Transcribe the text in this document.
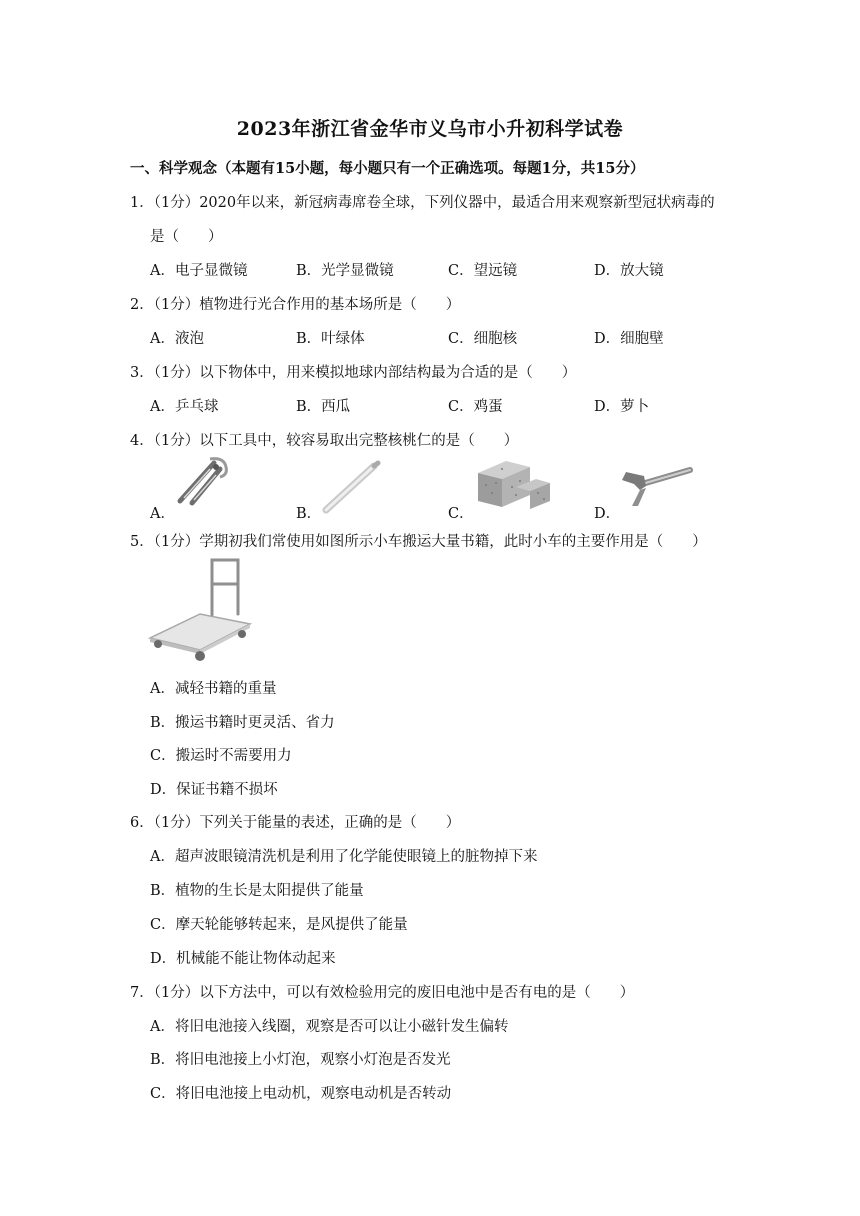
2023年浙江省金华市义乌市小升初科学试卷
一、科学观念（本题有15小题，每小题只有一个正确选项。每题1分，共15分）
1．（1分）2020年以来，新冠病毒席卷全球，下列仪器中，最适合用来观察新型冠状病毒的
是（　　）
A．电子显微镜	B．光学显微镜	C．望远镜	D．放大镜
2．（1分）植物进行光合作用的基本场所是（　　）
A．液泡	B．叶绿体	C．细胞核	D．细胞壁
3．（1分）以下物体中，用来模拟地球内部结构最为合适的是（　　）
A．乒乓球	B．西瓜	C．鸡蛋	D．萝卜
4．（1分）以下工具中，较容易取出完整核桃仁的是（　　）
A．	B．	C．	D．
5．（1分）学期初我们常使用如图所示小车搬运大量书籍，此时小车的主要作用是（　　）
A．减轻书籍的重量
B．搬运书籍时更灵活、省力
C．搬运时不需要用力
D．保证书籍不损坏
6．（1分）下列关于能量的表述，正确的是（　　）
A．超声波眼镜清洗机是利用了化学能使眼镜上的脏物掉下来
B．植物的生长是太阳提供了能量
C．摩天轮能够转起来，是风提供了能量
D．机械能不能让物体动起来
7．（1分）以下方法中，可以有效检验用完的废旧电池中是否有电的是（　　）
A．将旧电池接入线圈，观察是否可以让小磁针发生偏转
B．将旧电池接上小灯泡，观察小灯泡是否发光
C．将旧电池接上电动机，观察电动机是否转动
